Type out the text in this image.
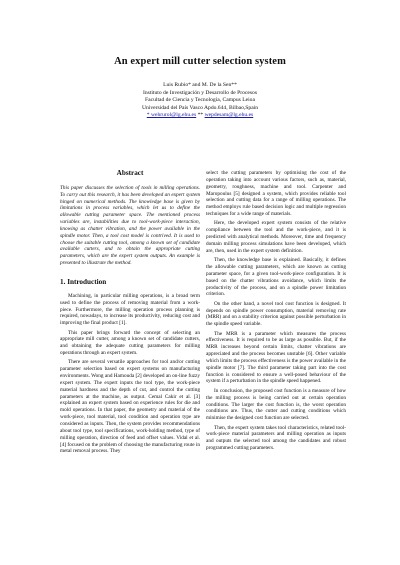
An expert mill cutter selection system
Luis Rubio* and M. De la Sen**
Instituto de Investigación y Desarrollo de Procesos
Facultad de Ciencia y Tecnología, Campus Leioa
Universidad del País Vasco Apdo.644, Bilbao,Spain
* wehrurol@lg.ehu.es ** wepdesam@lg.ehu.es
Abstract

This paper discusses the selection of tools in milling operations. To carry out this research, it has been developed an expert system hinged on numerical methods. The knowledge base is given by limitations in process variables, which let us to define the allowable cutting parameter space. The mentioned process variables are, instabilities due to tool-work-piece interaction, knowing as chatter vibration, and the power available in the spindle motor. Then, a tool cost model is contrived. It is used to choose the suitable cutting tool, among a known set of candidate available cutters, and to obtain the appropriate cutting parameters, which are the expert system outputs. An example is presented to illustrate the method.

1. Introduction

Machining, in particular milling operations, is a broad term used to define the process of removing material from a work-piece. Furthermore, the milling operation process planning is required, nowadays, to increase its productivity, reducing cost and improving the final product [1].

This paper brings forward the concept of selecting an appropriate mill cutter, among a known set of candidate cutters, and obtaining the adequate cutting parameters for milling operations through an expert system.

There are several versatile approaches for tool and/or cutting parameter selection based on expert systems on manufacturing environments. Wong and Hamouda [2] developed an on-line fuzzy expert system. The expert inputs the tool type, the work-piece material hardness and the depth of cut, and control the cutting parameters at the machine, as output. Cemal Cakir et al. [3] explained an expert system based on experience rules for die and mold operations. In that paper, the geometry and material of the work-piece, tool material, tool condition and operation type are considered as inputs. Then, the system provides recommendations about tool type, tool specifications, work-holding method, type of milling operation, direction of feed and offset values. Vidal et al. [4] focused on the problem of choosing the manufacturing route in metal removal process. They

select the cutting parameters by optimising the cost of the operation taking into account various factors, such as, material, geometry, roughness, machine and tool. Carpenter and Maropoulus [5] designed a system, which provides reliable tool selection and cutting data for a range of milling operations. The method employs rule based decision logic and multiple regression techniques for a wide range of materials.

Here, the developed expert system consists of the relative compliance between the tool and the work-piece, and it is predicted with analytical methods. Moreover, time and frequency domain milling process simulations have been developed, which are, then, used in the expert system definition.

Then, the knowledge base is explained. Basically, it defines the allowable cutting parameters, which are known as cutting parameter space, for a given tool-work-piece configuration. It is based on the chatter vibrations avoidance, which limits the productivity of the process, and on a spindle power limitation criterion.

On the other hand, a novel tool cost function is designed. It depends on spindle power consumption, material removing rate (MRR) and on a stability criterion against possible perturbation in the spindle speed variable.

The MRR is a parameter which measures the process effectiveness. It is required to be as large as possible. But, if the MRR increases beyond certain limits, chatter vibrations are appreciated and the process becomes unstable [6]. Other variable which limits the process effectiveness is the power available in the spindle motor [7]. The third parameter taking part into the cost function is considered to ensure a well-posed behaviour of the system if a perturbation in the spindle speed happened.

In conclusion, the proposed cost function is a measure of how the milling process is being carried out at certain operation conditions. The larger the cost function is, the worst operation conditions are. Thus, the cutter and cutting conditions which minimise the designed cost function are selected.

Then, the expert system takes tool characteristics, related tool-work-piece material parameters and milling operation as inputs and outputs the selected tool among the candidates and robust programmed cutting parameters.
